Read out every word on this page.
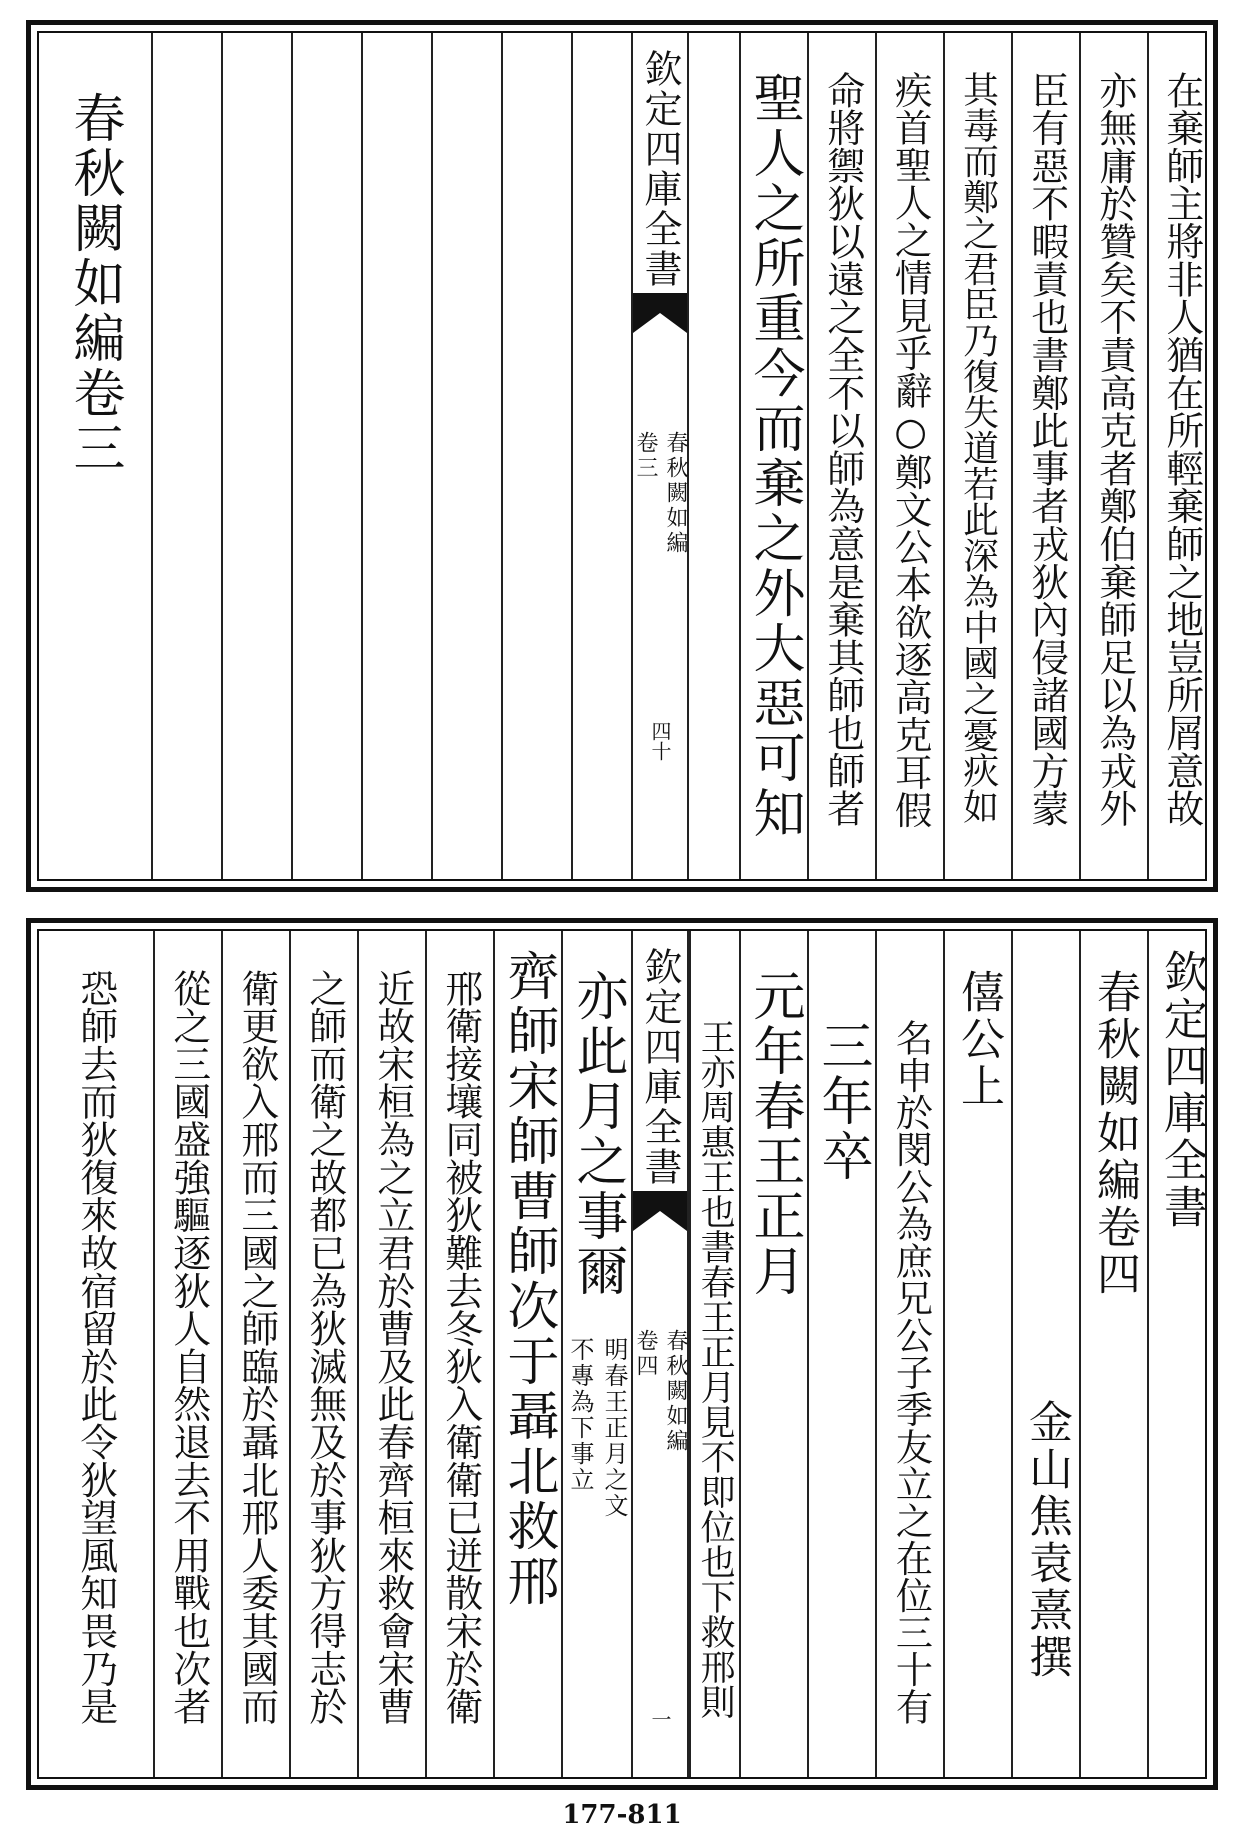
在棄師主將非人猶在所輕棄師之地豈所屑意故
亦無庸於贊矣不責高克者鄭伯棄師足以為戎外
臣有惡不暇責也書鄭此事者戎狄內侵諸國方蒙
其毒而鄭之君臣乃復失道若此深為中國之憂疢如
疾首聖人之情見乎辭○鄭文公本欲逐高克耳假
命將禦狄以遠之全不以師為意是棄其師也師者
聖人之所重今而棄之外大惡可知
欽定四庫全書
春秋闕如編
卷三
四十
春秋闕如編卷三
欽定四庫全書
春秋闕如編卷四
金山焦袁熹撰
僖公上
名申於閔公為庶兄公子季友立之在位三十有
三年卒
元年春王正月
王亦周惠王也書春王正月見不即位也下救邢則
欽定四庫全書
春秋闕如編
卷四
一
亦此月之事爾
明春王正月之文
不專為下事立
齊師宋師曹師次于聶北救邢
邢衛接壤同被狄難去冬狄入衛衛已迸散宋於衛
近故宋桓為之立君於曹及此春齊桓來救會宋曹
之師而衛之故都已為狄滅無及於事狄方得志於
衛更欲入邢而三國之師臨於聶北邢人委其國而
從之三國盛強驅逐狄人自然退去不用戰也次者
恐師去而狄復來故宿留於此令狄望風知畏乃是
177-811
